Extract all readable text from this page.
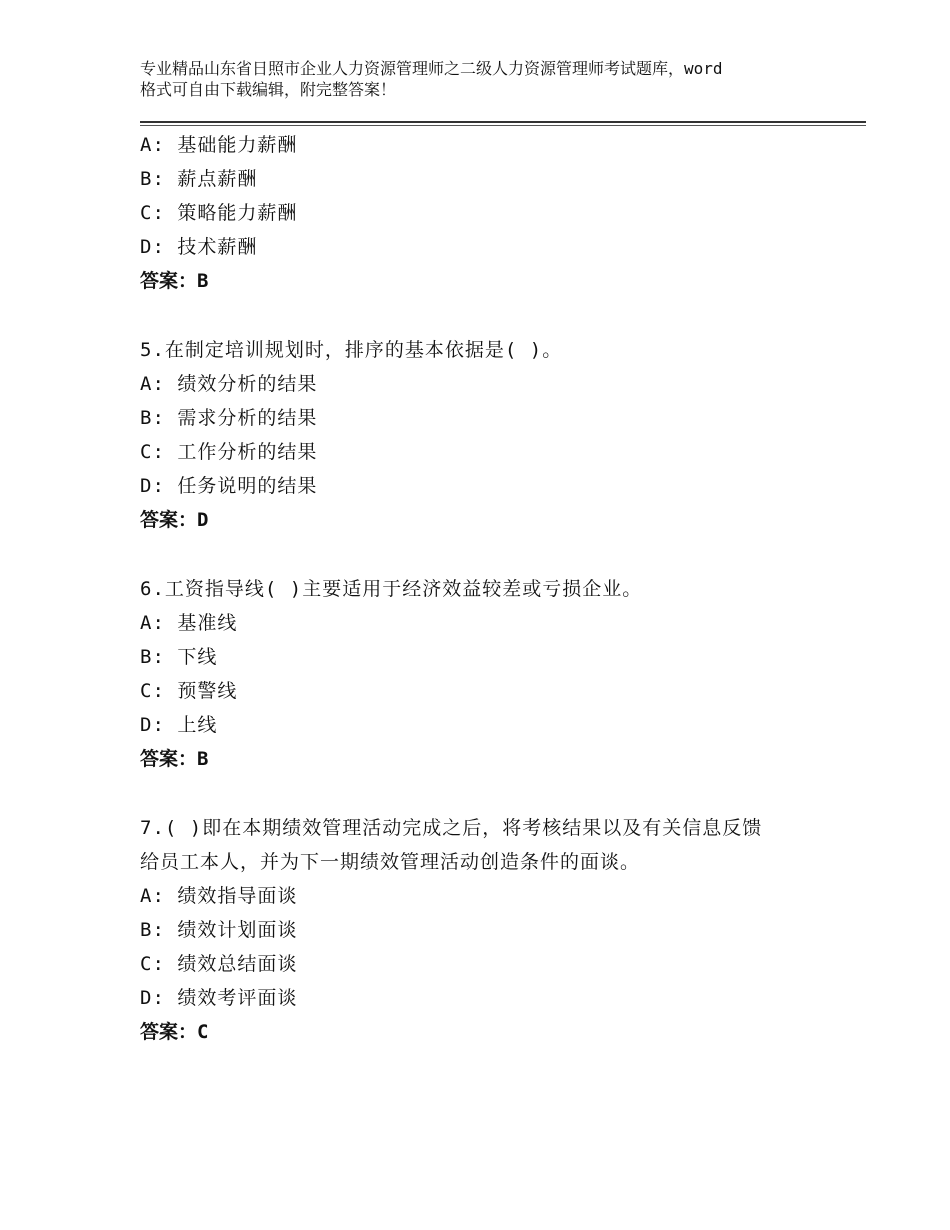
专业精品山东省日照市企业人力资源管理师之二级人力资源管理师考试题库，word
格式可自由下载编辑，附完整答案！
A: 基础能力薪酬
B: 薪点薪酬
C: 策略能力薪酬
D: 技术薪酬
答案：B
5.在制定培训规划时，排序的基本依据是( )。
A: 绩效分析的结果
B: 需求分析的结果
C: 工作分析的结果
D: 任务说明的结果
答案：D
6.工资指导线( )主要适用于经济效益较差或亏损企业。
A: 基准线
B: 下线
C: 预警线
D: 上线
答案：B
7.( )即在本期绩效管理活动完成之后，将考核结果以及有关信息反馈
给员工本人，并为下一期绩效管理活动创造条件的面谈。
A: 绩效指导面谈
B: 绩效计划面谈
C: 绩效总结面谈
D: 绩效考评面谈
答案：C
